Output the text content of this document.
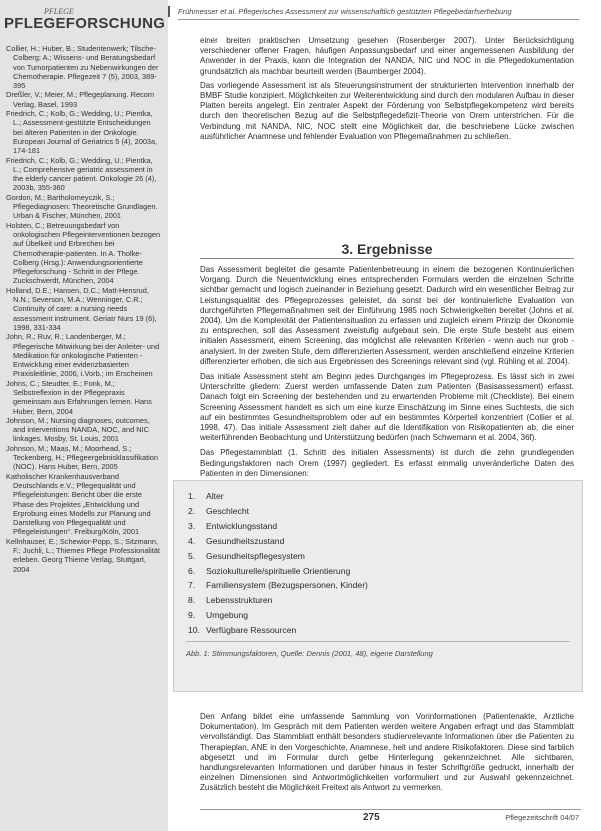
PFLEGE
PFLEGEFORSCHUNG

Collier, H.; Huber, B.; Studentenwerk; Tilsche-Colberg; A.; Wissens- und Beratungsbedarf von Tumorpatienten zu Nebenwirkungen der Chemotherapie. Pflegezeit 7 (5), 2003, 389-395

Dreßler, V.; Meier, M.; Pflegeplanung. Recom Verlag, Basel, 1993

Friedrich, C.; Kolb, G.; Wedding, U.; Pientka, L.; Assessment-gestützte Entscheidungen bei älteren Patienten in der Onkologie. European Journal of Geriatrics 5 (4), 2003a, 174-181

Friedrich, C.; Kolb, G.; Wedding, U.; Pientka, L.; Comprehensive geriatric assessment in the elderly cancer patient. Onkologie 26 (4), 2003b, 355-360

Gordon, M.; Bartholomeyczik, S.; Pflegediagnosen: Theoretische Grundlagen. Urban & Fischer, München, 2001

Holsten, C.; Betreuungsbedarf von onkologischen Pflegeinterventionen bezogen auf Übelkeit und Erbrechen bei Chemotherapie-patienten. In A. Tholke-Colberg (Hrsg.): Anwendungsorientierte Pflegeforschung - Schritt in der Pflege. Zuckschwerdt, München, 2004

Holland, D.E.; Hansen, D.C.; Matt-Hensrud, N.N.; Severson, M.A.; Wenninger, C.R.; Continuity of care: a nursing needs assessment instrument. Geriatr Nurs 19 (6), 1998, 331-334

John, R.; Ruv, R.; Landenberger, M.; Pflegerische Mitwirkung bei der Anleiter- und Medikation für onkologische Patienten - Entwicklung einer evidenzbasierten Praxisleitlinie, 2006, i.Vorb.; im Erscheinen

Johns, C.; Steudter, E.; Fonk, M.; Selbstreflexion in der Pflegepraxis gemeinsam aus Erfahrungen lernen. Hans Huber, Bern, 2004

Johnson, M.; Nursing diagnoses, outcomes, and interventions NANDA, NOC, and NIC linkages. Mosby, St. Louis, 2001

Johnson, M.; Maas, M.; Moorhead, S.; Teckenberg, H.; Pflegeergebnisklassifikation (NOC). Hans Huber, Bern, 2005

Katholischer Krankenhausverband Deutschlands e.V.; Pflegequalität und Pflegeleistungen: Bericht über die erste Phase des Projektes „Entwicklung und Erprobung eines Modells zur Planung und Darstellung von Pflegequalität und Pflegeleistungen“. Freiburg/Köln, 2001

Kellnhauser, E.; Schewior-Popp, S.; Sitzmann, F.; Juchli, L.; Thiemes Pflege Professionalität erleben. Georg Thieme Verlag, Stuttgart, 2004

Frühmesser et al. Pflegerisches Assessment zur wissenschaftlich gestützten Pflegebedarfserhebung

einer breiten praktischen Umsetzung gesehen (Rosenberger 2007). Unter Berücksichtigung verschiedener offener Fragen, häufigen Anpassungsbedarf und einer angemessenen Ausbildung der Anwender in der Praxis, kann die Integration der NANDA, NIC und NOC in die Pflegedokumentation grundsätzlich als machbar beurteilt werden (Baumberger 2004).

Das vorliegende Assessment ist als Steuerungsinstrument der strukturierten Intervention innerhalb der BMBF Studie konzipiert. Möglichkeiten zur Weiterentwicklung sind durch den modularen Aufbau in dieser Platten bereits angelegt. Ein zentraler Aspekt der Förderung von Selbstpflegekompetenz wird bereits durch den theoretischen Bezug auf die Selbstpflegedefizit-Theorie von Orem unterstrichen. Für die Verbindung mit NANDA, NIC, NOC stellt eine Möglichkeit dar, die beschriebene Lücke zwischen ausführlicher Anamnese und fehlender Evaluation von Pflegemaßnahmen zu schließen.

3. Ergebnisse

Das Assessment begleitet die gesamte Patientenbetreuung in einem die bezogenen Kontinuierlichen Vorgang. Durch die Neuentwicklung eines entsprechenden Formulars werden die einzelnen Schritte sichtbar gemacht und logisch zueinander in Beziehung gesetzt. Dadurch wird ein wesentlicher Beitrag zur Leistungsqualität des Pflegeprozesses geleistet, da sonst bei der kontinuierliche Evaluation von durchgeführten Pflegemaßnahmen seit der Einführung 1985 noch Schwierigkeiten bereitet (Johns et al. 2004). Um die Komplexität der Patientensituation zu erfassen und zugleich einem Prinzip der Ökonomie zu entsprechen, soll das Assessment zweistufig aufgebaut sein. Die erste Stufe besteht aus einem initialen Assessment, einem Screening, das möglichst alle relevanten Kriterien - wenn auch nur grob - analysiert. In der zweiten Stufe, dem differenzierten Assessment, werden anschließend einzelne Kriterien differenzierter erhoben, die sich aus Ergebnissen des Screenings relevant sind (vgl. Rühling et al. 2004).

Das initiale Assessment steht am Beginn jedes Durchganges im Pflegeprozess. Es lässt sich in zwei Unterschritte gliedern: Zuerst werden umfassende Daten zum Patienten (Basisassessment) erfasst. Danach folgt ein Screening der bestehenden und zu erwartenden Probleme mit (Checkliste). Bei einem Screening Assessment handelt es sich um eine kurze Einschätzung im Sinne eines Suchtests, die sich auf ein bestimmtes Gesundheitsproblem oder auf ein bestimmtes Körperteil konzentriert (Collier et al. 1998, 47). Das initiale Assessment zielt daher auf die Identifikation von Risikopatienten ab, die einer weiterführenden Beobachtung und Unterstützung bedürfen (nach Schwemann et al. 2004, 36f).

Das Pflegestammblatt (1. Schritt des initialen Assessments) ist durch die zehn grundlegenden Bedingungsfaktoren nach Orem (1997) gegliedert. Es erfasst einmalig unveränderliche Daten des Patienten in den Dimensionen:

1. Alter
2. Geschlecht
3. Entwicklungsstand
4. Gesundheitszustand
5. Gesundheitspflegesystem
6. Soziokulturelle/spirituelle Orientierung
7. Familiensystem (Bezugspersonen, Kinder)
8. Lebensstrukturen
9. Umgebung
10. Verfügbare Ressourcen
Abb. 1: Stimmungsfaktoren, Quelle: Dennis (2001, 48), eigene Darstellung

Den Anfang bildet eine umfassende Sammlung von Vorinformationen (Patientenakte, Arztliche Dokumentation). Im Gespräch mit dem Patienten werden weitere Angaben erfragt und das Stammblatt vervollständigt. Das Stammblatt enthält besonders studienrelevante Informationen über die Patienten zu Therapieplan, ANE in den Vorgeschichte, Anamnese, heit und andere Risikofaktoren. Diese sind farblich abgesetzt und im Formular durch gelbe Hinterlegung gekennzeichnet. Alle sichtbaren, handlungsrelevanten Informationen und darüber hinaus in fester Schriftgröße gedruckt, innerhalb der einzelnen Dimensionen sind Antwortmöglichkeiten vorformuliert und zur Auswahl gekennzeichnet. Zusätzlich besteht die Möglichkeit Freitext als Antwort zu vermerken.

275	Pflegezeitschrift 04/07
